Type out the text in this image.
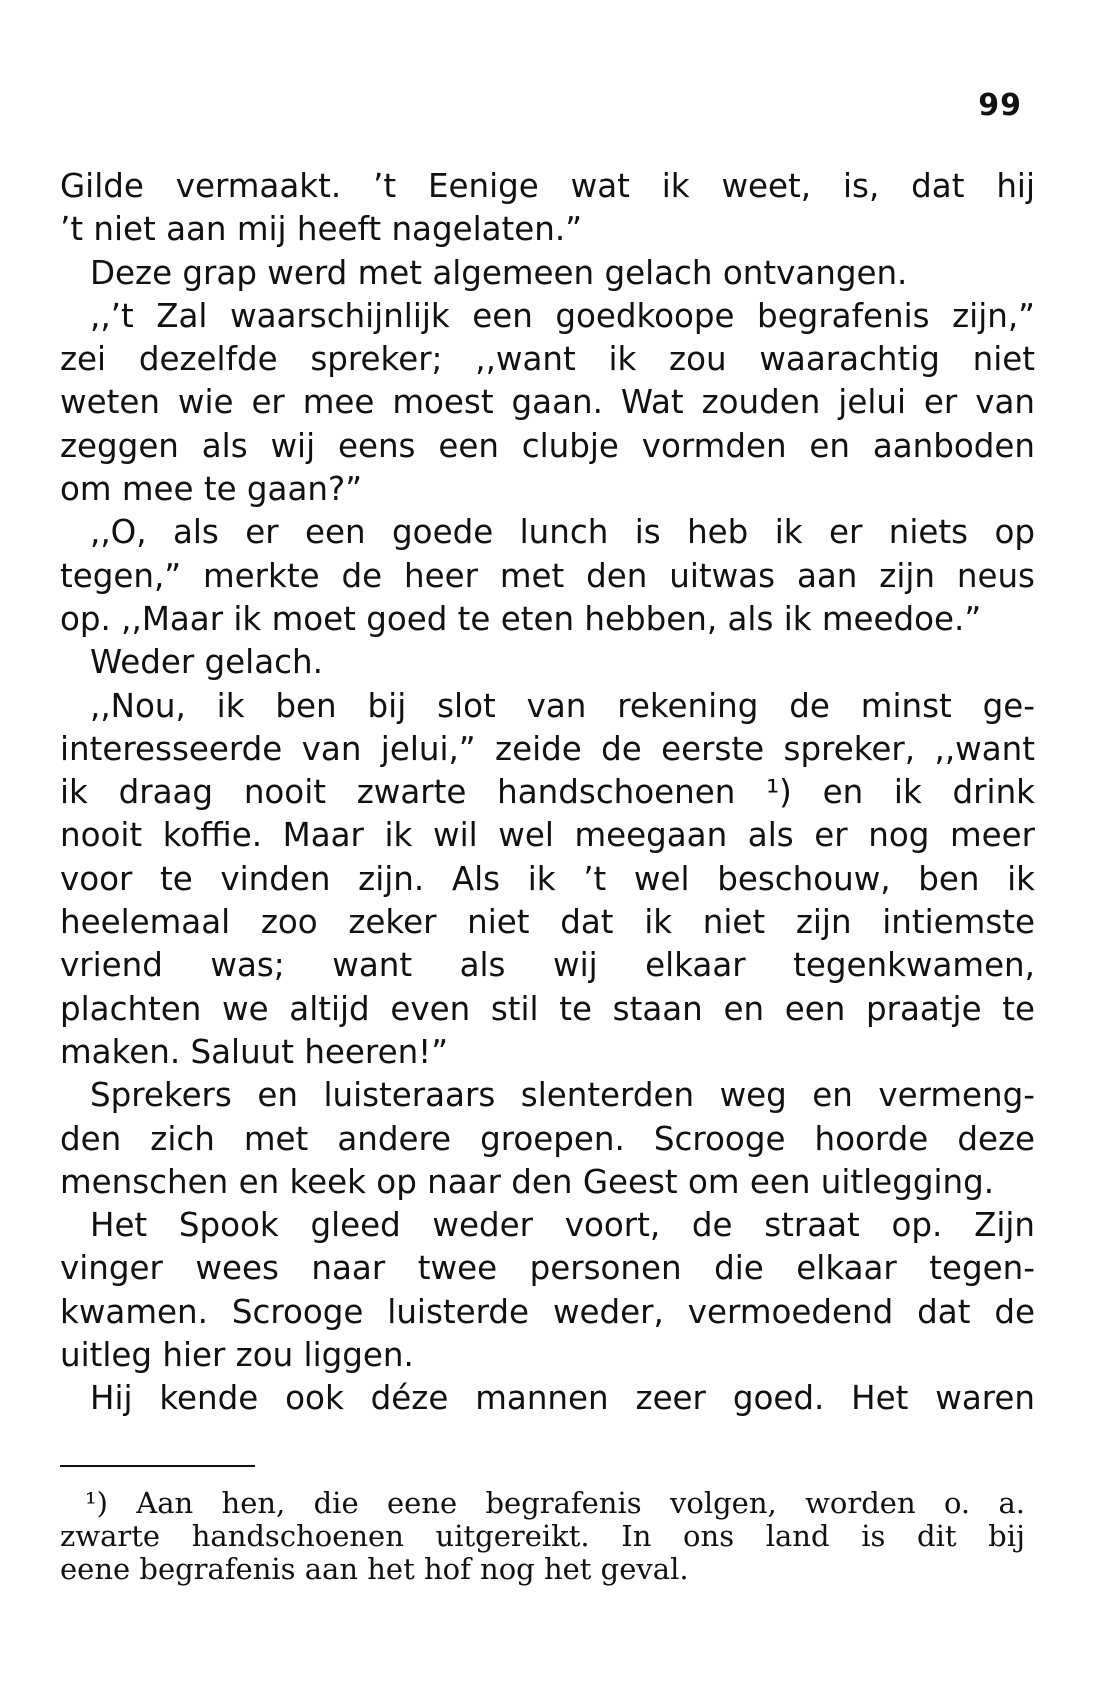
99
Gilde vermaakt. ’t Eenige wat ik weet, is, dat hij
’t niet aan mij heeft nagelaten.”
Deze grap werd met algemeen gelach ontvangen.
,,’t Zal waarschijnlijk een goedkoope begrafenis zijn,”
zei dezelfde spreker; ,,want ik zou waarachtig niet
weten wie er mee moest gaan. Wat zouden jelui er van
zeggen als wij eens een clubje vormden en aanboden
om mee te gaan?”
,,O, als er een goede lunch is heb ik er niets op
tegen,” merkte de heer met den uitwas aan zijn neus
op. ,,Maar ik moet goed te eten hebben, als ik meedoe.”
Weder gelach.
,,Nou, ik ben bij slot van rekening de minst ge-
interesseerde van jelui,” zeide de eerste spreker, ,,want
ik draag nooit zwarte handschoenen ¹) en ik drink
nooit koffie. Maar ik wil wel meegaan als er nog meer
voor te vinden zijn. Als ik ’t wel beschouw, ben ik
heelemaal zoo zeker niet dat ik niet zijn intiemste
vriend was; want als wij elkaar tegenkwamen,
plachten we altijd even stil te staan en een praatje te
maken. Saluut heeren!”
Sprekers en luisteraars slenterden weg en vermeng-
den zich met andere groepen. Scrooge hoorde deze
menschen en keek op naar den Geest om een uitlegging.
Het Spook gleed weder voort, de straat op. Zijn
vinger wees naar twee personen die elkaar tegen-
kwamen. Scrooge luisterde weder, vermoedend dat de
uitleg hier zou liggen.
Hij kende ook déze mannen zeer goed. Het waren
¹) Aan hen, die eene begrafenis volgen, worden o. a.
zwarte handschoenen uitgereikt. In ons land is dit bij
eene begrafenis aan het hof nog het geval.
